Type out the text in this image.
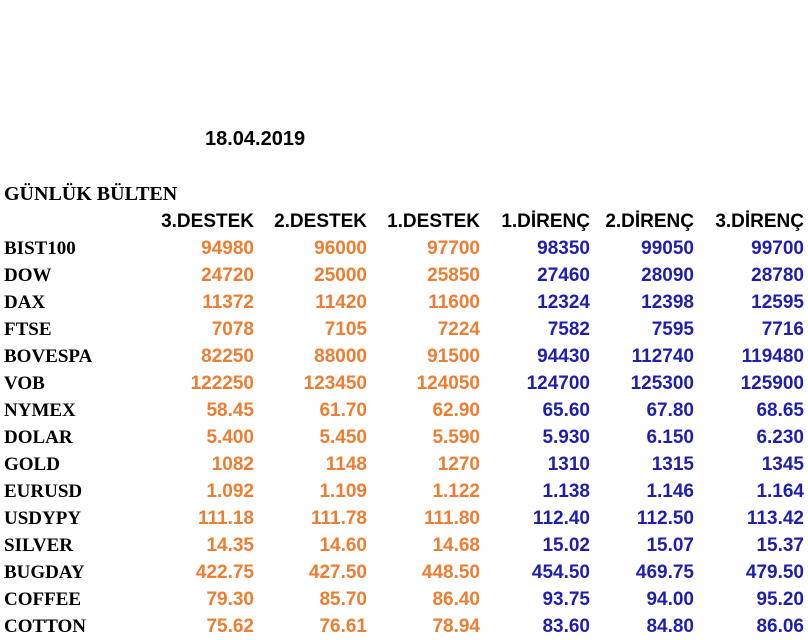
18.04.2019
GÜNLÜK BÜLTEN
	3.DESTEK	2.DESTEK	1.DESTEK	1.DİRENÇ	2.DİRENÇ	3.DİRENÇ
BIST100	94980	96000	97700	98350	99050	99700
DOW	24720	25000	25850	27460	28090	28780
DAX	11372	11420	11600	12324	12398	12595
FTSE	7078	7105	7224	7582	7595	7716
BOVESPA	82250	88000	91500	94430	112740	119480
VOB	122250	123450	124050	124700	125300	125900
NYMEX	58.45	61.70	62.90	65.60	67.80	68.65
DOLAR	5.400	5.450	5.590	5.930	6.150	6.230
GOLD	1082	1148	1270	1310	1315	1345
EURUSD	1.092	1.109	1.122	1.138	1.146	1.164
USDYPY	111.18	111.78	111.80	112.40	112.50	113.42
SILVER	14.35	14.60	14.68	15.02	15.07	15.37
BUGDAY	422.75	427.50	448.50	454.50	469.75	479.50
COFFEE	79.30	85.70	86.40	93.75	94.00	95.20
COTTON	75.62	76.61	78.94	83.60	84.80	86.06
